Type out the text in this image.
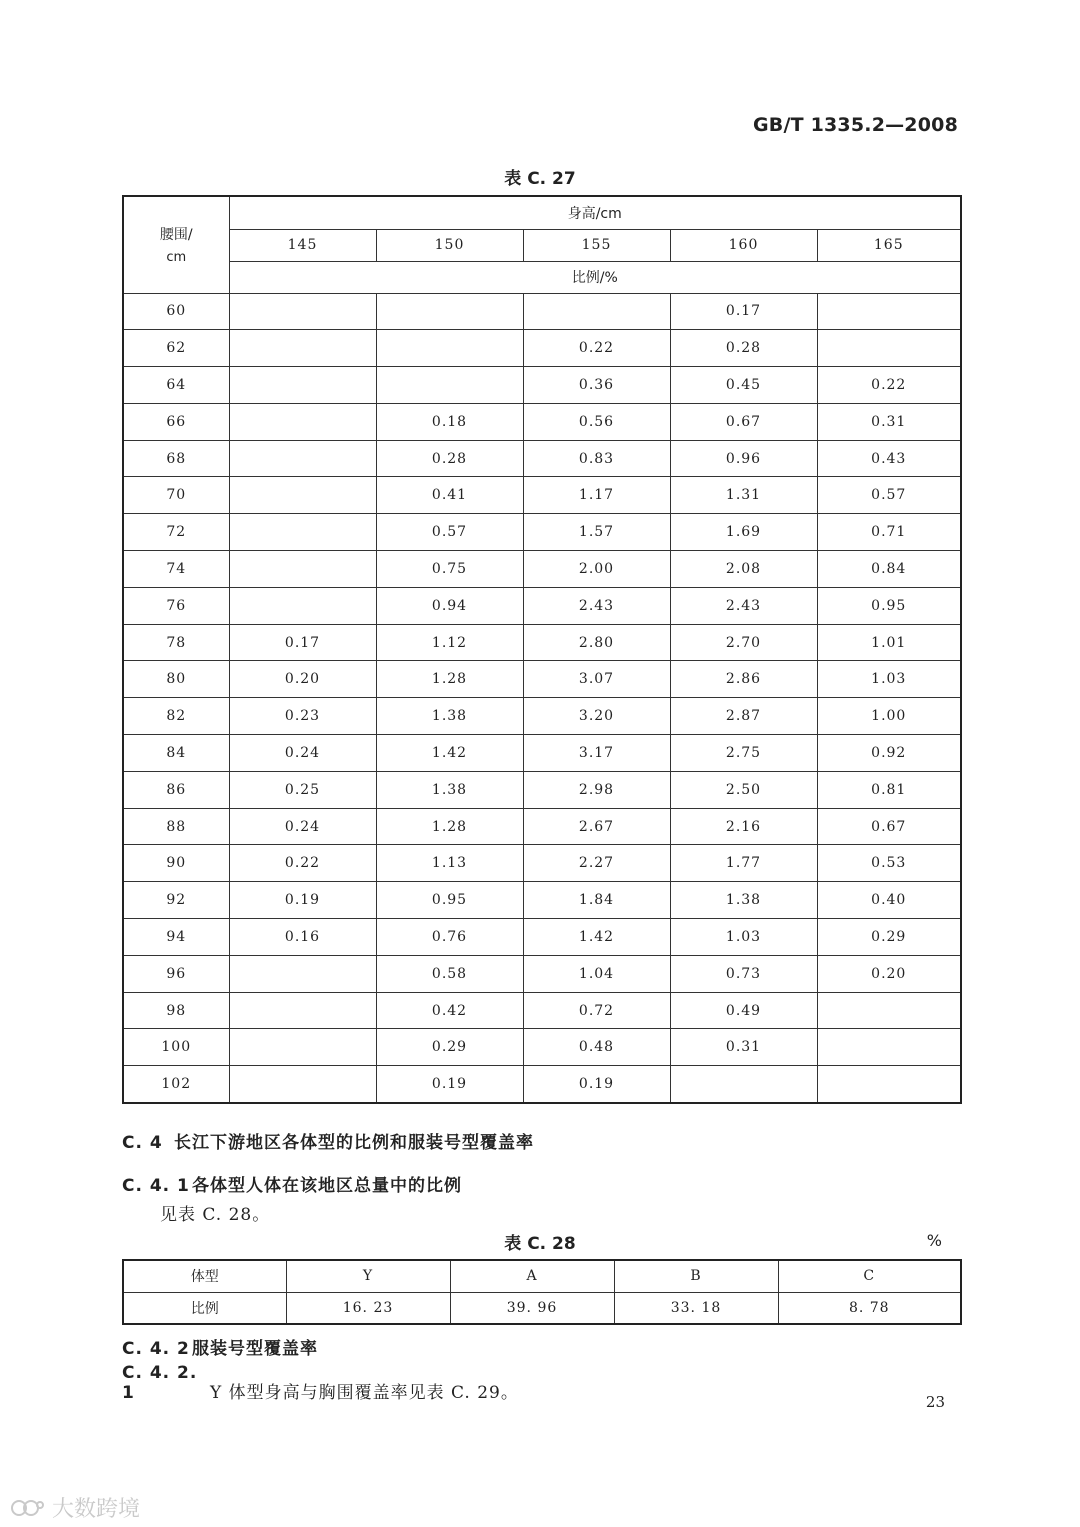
GB/T 1335.2—2008
表 C. 27
腰围/
cm	身高/cm				
	145	150	155	160	165
	比例/%				
60				0.17	
62			0.22	0.28	
64			0.36	0.45	0.22
66		0.18	0.56	0.67	0.31
68		0.28	0.83	0.96	0.43
70		0.41	1.17	1.31	0.57
72		0.57	1.57	1.69	0.71
74		0.75	2.00	2.08	0.84
76		0.94	2.43	2.43	0.95
78	0.17	1.12	2.80	2.70	1.01
80	0.20	1.28	3.07	2.86	1.03
82	0.23	1.38	3.20	2.87	1.00
84	0.24	1.42	3.17	2.75	0.92
86	0.25	1.38	2.98	2.50	0.81
88	0.24	1.28	2.67	2.16	0.67
90	0.22	1.13	2.27	1.77	0.53
92	0.19	0.95	1.84	1.38	0.40
94	0.16	0.76	1.42	1.03	0.29
96		0.58	1.04	0.73	0.20
98		0.42	0.72	0.49	
100		0.29	0.48	0.31	
102		0.19	0.19		
C. 4 长江下游地区各体型的比例和服装号型覆盖率
C. 4. 1 各体型人体在该地区总量中的比例
见表 C. 28。
表 C. 28	%
体型	Y	A	B	C
比例	16. 23	39. 96	33. 18	8. 78
C. 4. 2 服装号型覆盖率
C. 4. 2. 1	Y 体型身高与胸围覆盖率见表 C. 29。	23
大数跨境
